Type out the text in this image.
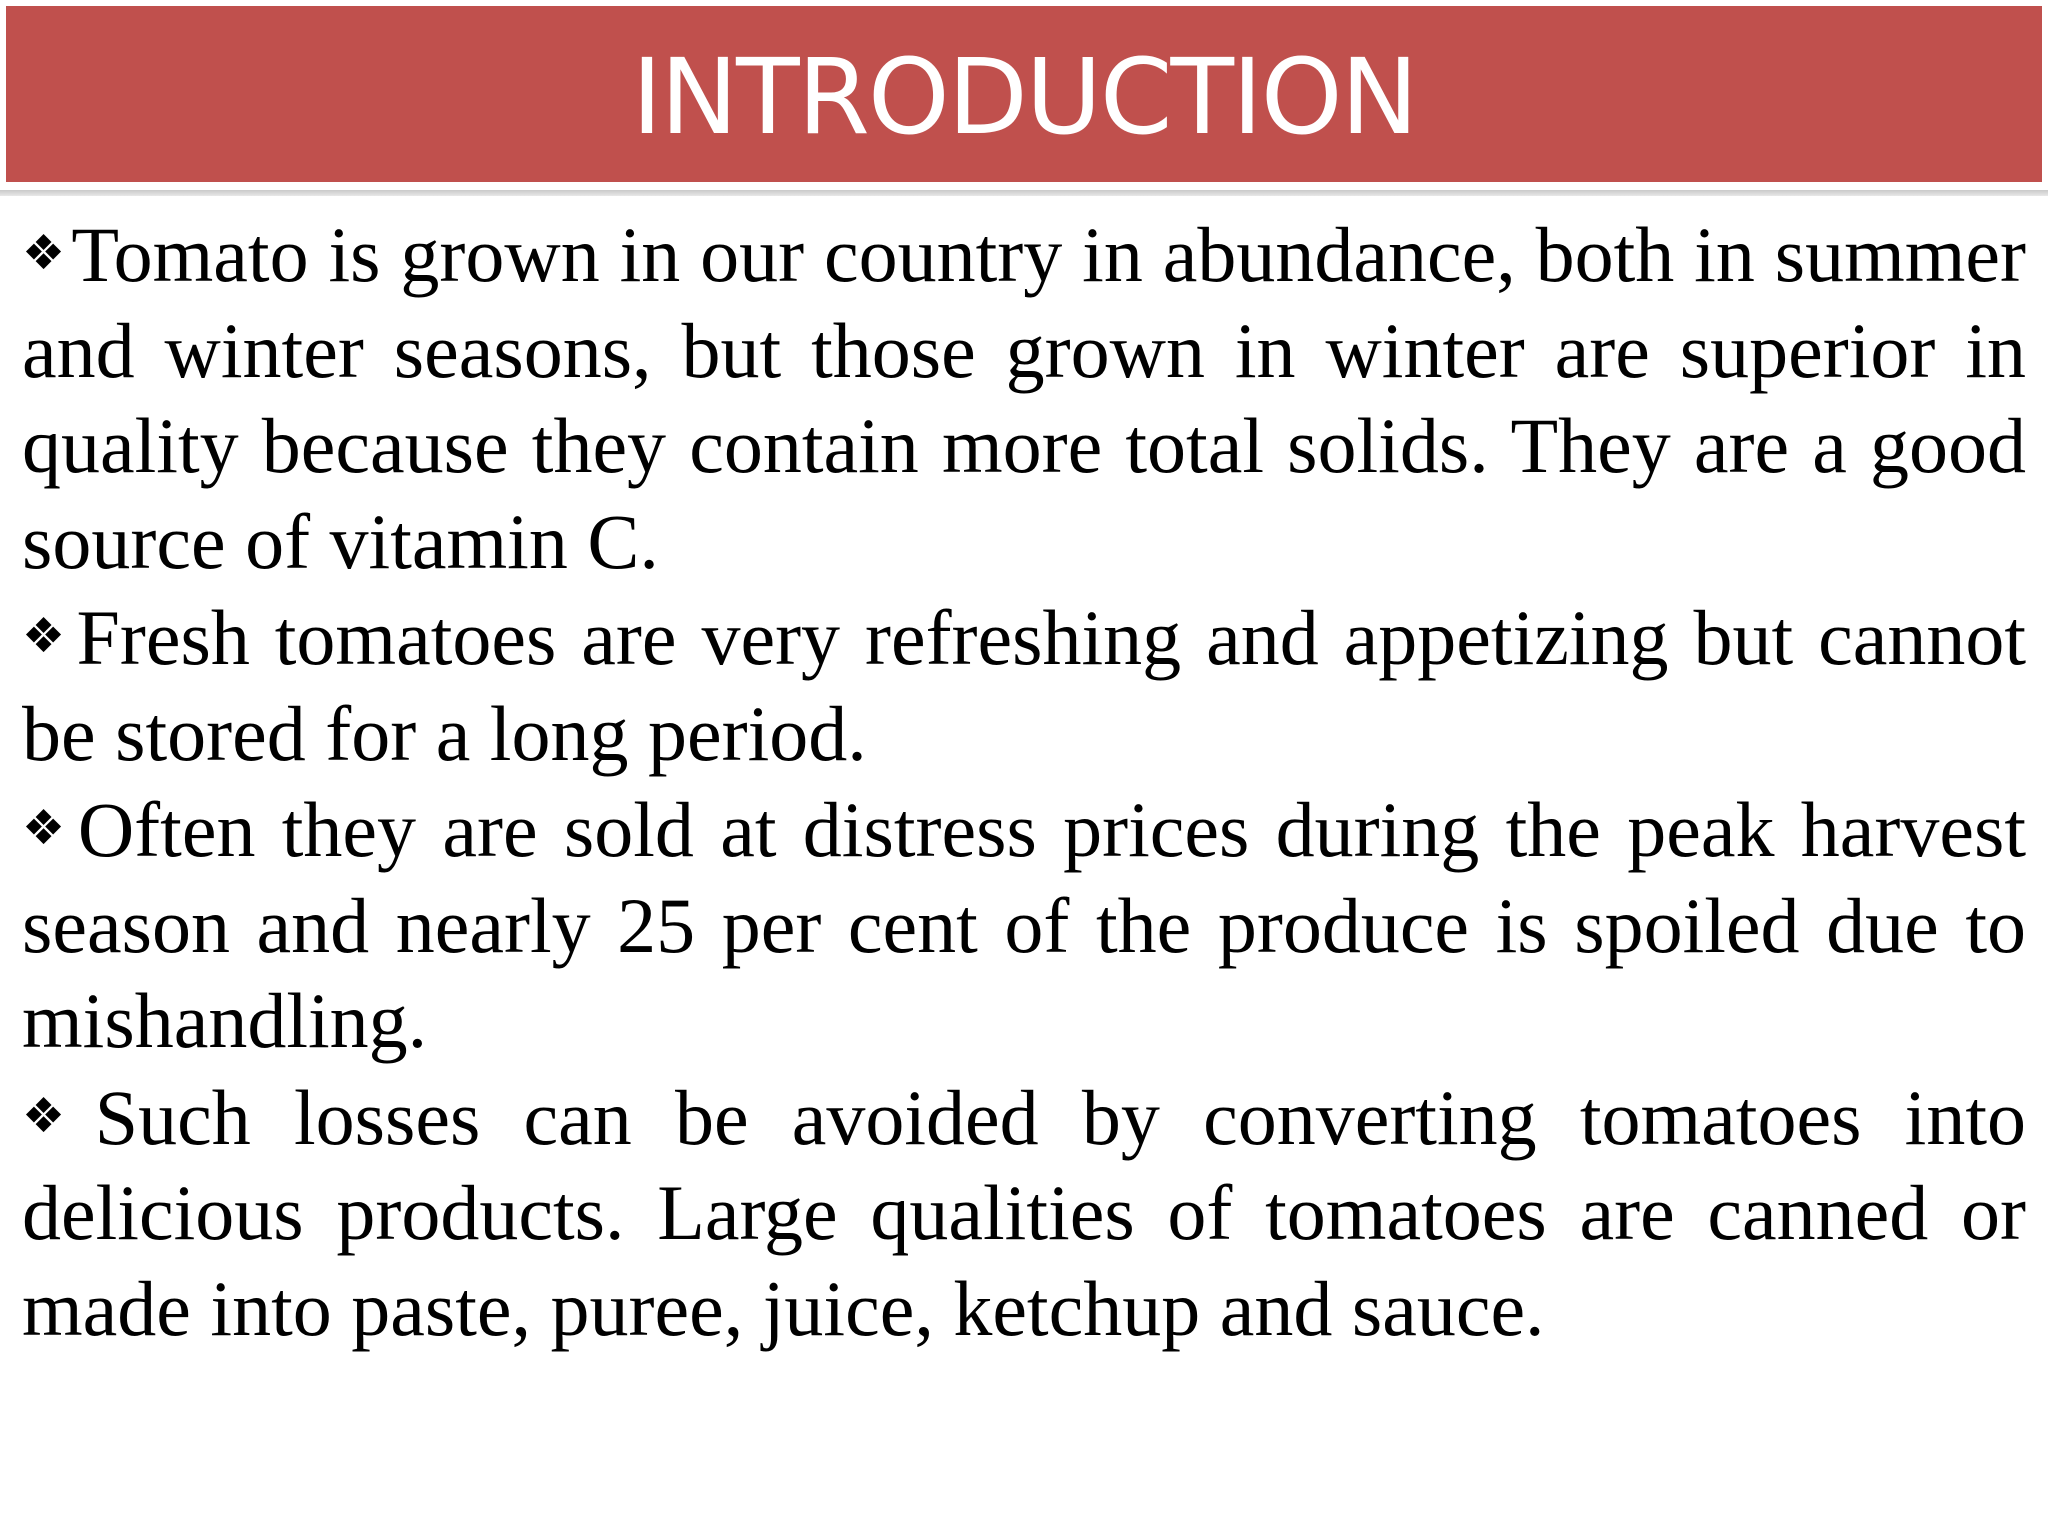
INTRODUCTION

❖Tomato is grown in our country in abundance, both in summer and winter seasons, but those grown in winter are superior in quality because they contain more total solids. They are a good source of vitamin C.

❖Fresh tomatoes are very refreshing and appetizing but cannot be stored for a long period.

❖Often they are sold at distress prices during the peak harvest season and nearly 25 per cent of the produce is spoiled due to mishandling.

❖Such losses can be avoided by converting tomatoes into delicious products. Large qualities of tomatoes are canned or made into paste, puree, juice, ketchup and sauce.
